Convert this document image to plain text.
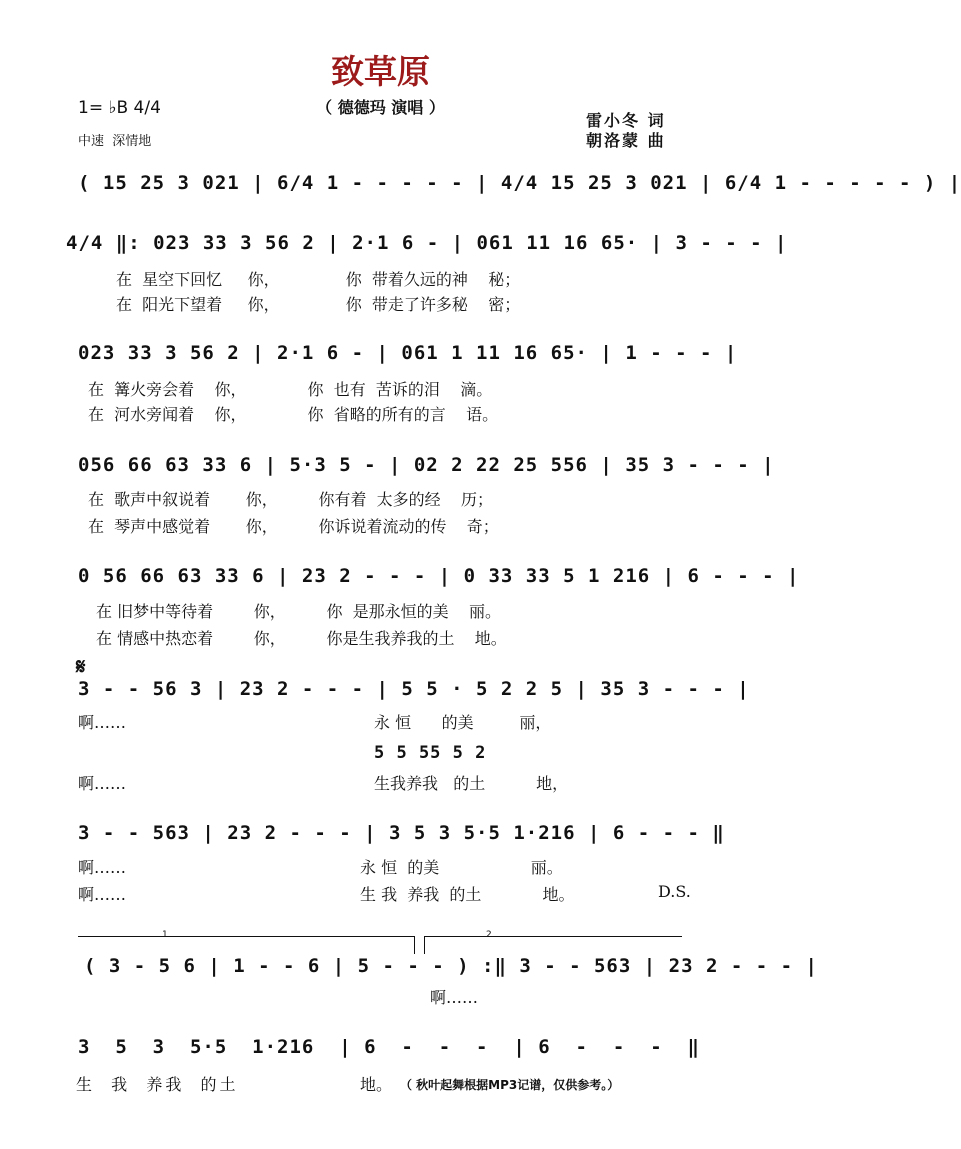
致草原
（ 德德玛 演唱 ）
1= ♭B 4/4
中速  深情地
雷小冬 词
朝洛蒙 曲
( 15 25 3 021 | 6/4 1 - - - - - | 4/4 15 25 3 021 | 6/4 1 - - - - - ) |
4/4 ‖: 023 33 3 56 2 | 2·1 6 - | 061 11 16 65· | 3 - - - |
在  星空下回忆     你，             你  带着久远的神    秘；
在  阳光下望着     你，             你  带走了许多秘    密；
023 33 3 56 2 | 2·1 6 - | 061 1 11 16 65· | 1 - - - |
在  篝火旁会着    你，            你  也有  苦诉的泪    滴。
在  河水旁闻着    你，            你  省略的所有的言    语。
056 66 63 33 6 | 5·3 5 - | 02 2 22 25 556 | 35 3 - - - |
在  歌声中叙说着       你，        你有着  太多的经    历；
在  琴声中感觉着       你，        你诉说着流动的传    奇；
0 56 66 63 33 6 | 23 2 - - - | 0 33 33 5 1 216 | 6 - - - |
在 旧梦中等待着        你，        你  是那永恒的美    丽。
在 情感中热恋着        你，        你是生我养我的土    地。
𝄋
3 - - 56 3 | 23 2 - - - | 5 5 · 5 2 2 5 | 35 3 - - - |
啊……	永 恒      的美         丽，
5 5 55 5 2
啊……	生我养我   的土          地，
3 - - 563 | 23 2 - - - | 3 5 3 5·5 1·216 | 6 - - - ‖
啊……	永 恒  的美                  丽。
啊……	生 我  养我  的土            地。	D.S.
1	2
( 3 - 5 6 | 1 - - 6 | 5 - - - ) :‖ 3 - - 563 | 23 2 - - - |
啊……
3  5  3  5·5  1·216  | 6  -  -  -  | 6  -  -  -  ‖
生  我  养我  的土	地。 （ 秋叶起舞根据MP3记谱，仅供参考。）
